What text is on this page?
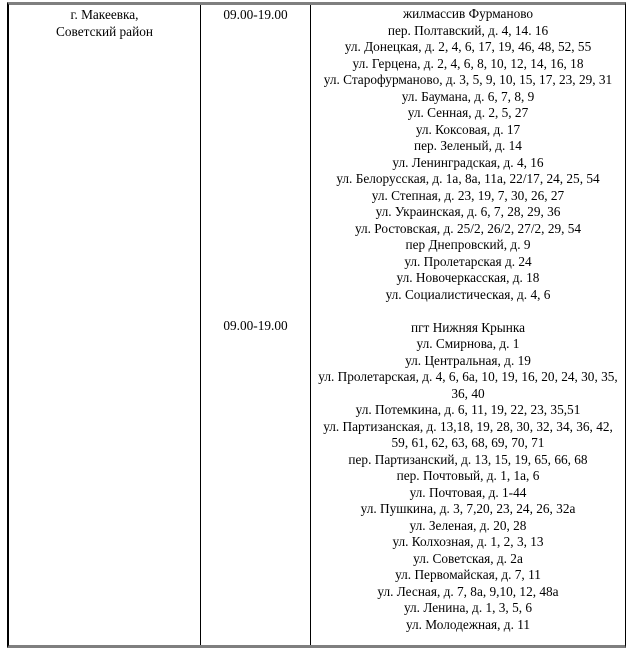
г. Макеевка,
Советский район
09.00-19.00
09.00-19.00
жилмассив Фурманово
пер. Полтавский, д. 4, 14. 16
ул. Донецкая, д. 2, 4, 6, 17, 19, 46, 48, 52, 55
ул. Герцена, д. 2, 4, 6, 8, 10, 12, 14, 16, 18
ул. Старофурманово, д. 3, 5, 9, 10, 15, 17, 23, 29, 31
ул. Баумана, д. 6, 7, 8, 9
ул. Сенная, д. 2, 5, 27
ул. Коксовая, д. 17
пер. Зеленый, д. 14
ул. Ленинградская, д. 4, 16
ул. Белорусская, д. 1а, 8а, 11а, 22/17, 24, 25, 54
ул. Степная, д. 23, 19, 7, 30, 26, 27
ул. Украинская, д. 6, 7, 28, 29, 36
ул. Ростовская, д. 25/2, 26/2, 27/2, 29, 54
пер Днепровский, д. 9
ул. Пролетарская д. 24
ул. Новочеркасская, д. 18
ул. Социалистическая, д. 4, 6
пгт Нижняя Крынка
ул. Смирнова, д. 1
ул. Центральная, д. 19
ул. Пролетарская, д. 4, 6, 6а, 10, 19, 16, 20, 24, 30, 35, 36, 40
ул. Потемкина, д. 6, 11, 19, 22, 23, 35,51
ул. Партизанская, д. 13,18, 19, 28, 30, 32, 34, 36, 42, 59, 61, 62, 63, 68, 69, 70, 71
пер. Партизанский, д. 13, 15, 19, 65, 66, 68
пер. Почтовый, д. 1, 1а, 6
ул. Почтовая, д. 1-44
ул. Пушкина, д. 3, 7,20, 23, 24, 26, 32а
ул. Зеленая, д. 20, 28
ул. Колхозная, д. 1, 2, 3, 13
ул. Советская, д. 2а
ул. Первомайская, д. 7, 11
ул. Лесная, д. 7, 8а, 9,10, 12, 48а
ул. Ленина, д. 1, 3, 5, 6
ул. Молодежная, д. 11
